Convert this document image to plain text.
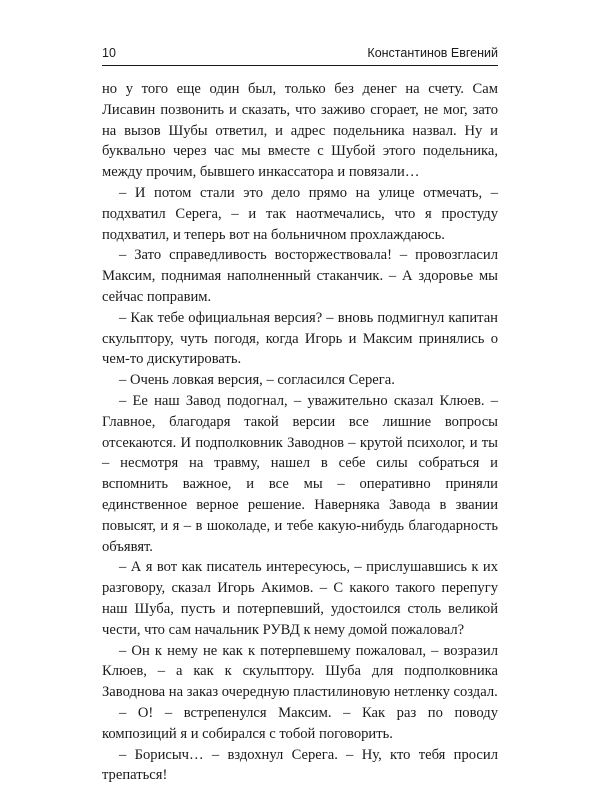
10	Константинов Евгений

но у того еще один был, только без денег на счету. Сам Лисавин позвонить и сказать, что заживо сгорает, не мог, зато на вызов Шубы ответил, и адрес подельника назвал. Ну и буквально через час мы вместе с Шубой этого подельника, между прочим, бывшего инкассатора и повязали…

– И потом стали это дело прямо на улице отмечать, – подхватил Серега, – и так наотмечались, что я простуду подхватил, и теперь вот на больничном прохлаждаюсь.

– Зато справедливость восторжествовала! – провозгласил Максим, поднимая наполненный стаканчик. – А здоровье мы сейчас поправим.

– Как тебе официальная версия? – вновь подмигнул капитан скульптору, чуть погодя, когда Игорь и Максим принялись о чем-то дискутировать.

– Очень ловкая версия, – согласился Серега.

– Ее наш Завод подогнал, – уважительно сказал Клюев. – Главное, благодаря такой версии все лишние вопросы отсекаются. И подполковник Заводнов – крутой психолог, и ты – несмотря на травму, нашел в себе силы собраться и вспомнить важное, и все мы – оперативно приняли единственное верное решение. Наверняка Завода в звании повысят, и я – в шоколаде, и тебе какую-нибудь благодарность объявят.

– А я вот как писатель интересуюсь, – прислушавшись к их разговору, сказал Игорь Акимов. – С какого такого перепугу наш Шуба, пусть и потерпевший, удостоился столь великой чести, что сам начальник РУВД к нему домой пожаловал?

– Он к нему не как к потерпевшему пожаловал, – возразил Клюев, – а как к скульптору. Шуба для подполковника Заводнова на заказ очередную пластилиновую нетленку создал.

– О! – встрепенулся Максим. – Как раз по поводу композиций я и собирался с тобой поговорить.

– Борисыч… – вздохнул Серега. – Ну, кто тебя просил трепаться!
